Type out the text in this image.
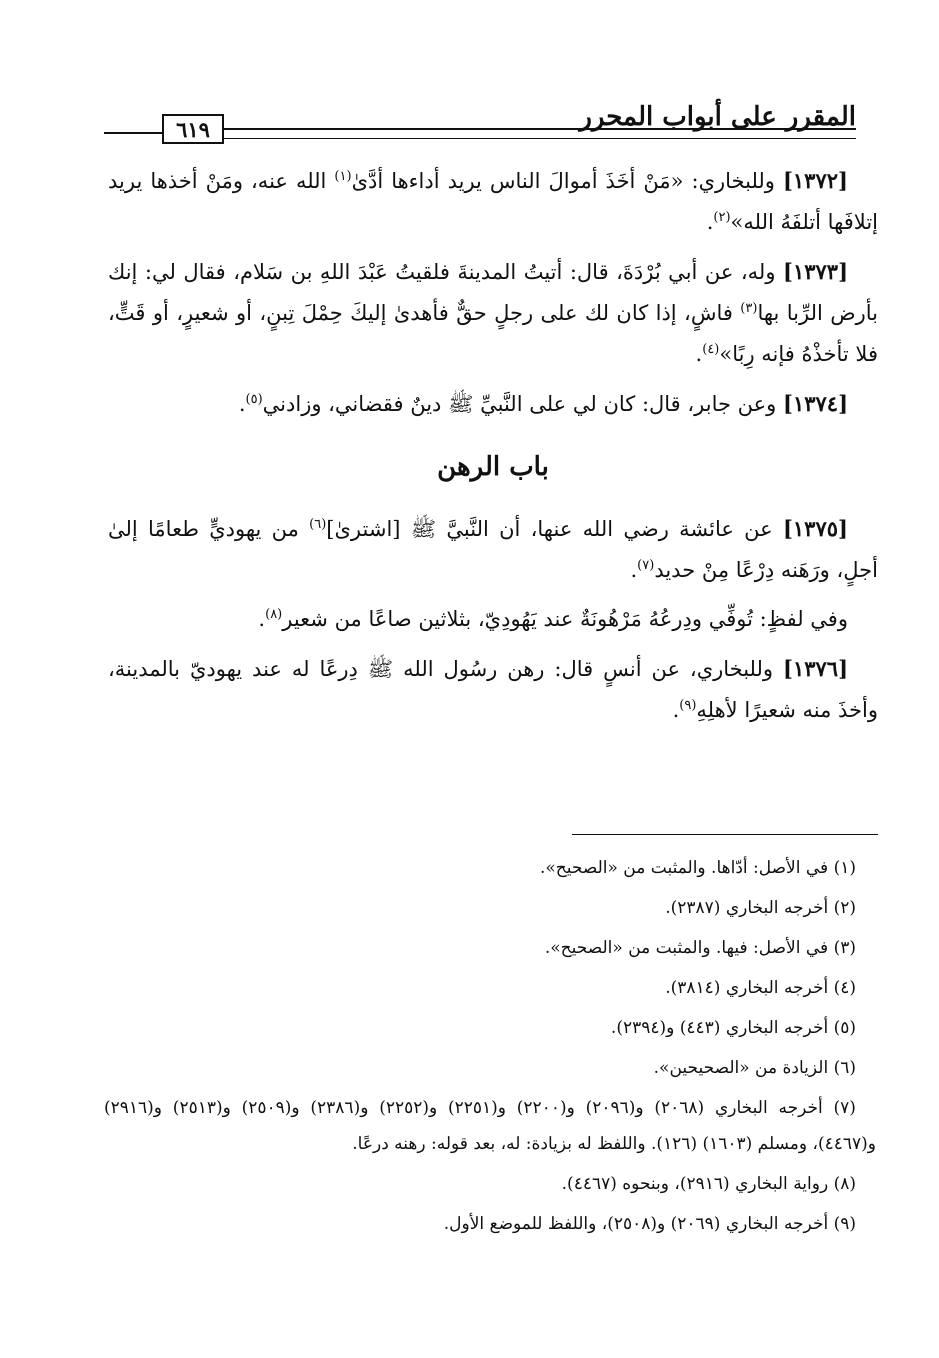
المقرر على أبواب المحرر
٦١٩

[١٣٧٢] وللبخاري: «مَنْ أخَذَ أموالَ الناس يريد أداءها أدَّىٰ$^{(١)}$ الله عنه، ومَنْ أخذها يريد إتلافَها أتلفَهُ الله»$^{(٢)}$.

[١٣٧٣] وله، عن أبي بُرْدَةَ، قال: أتيتُ المدينةَ فلقيتُ عَبْدَ اللهِ بن سَلام، فقال لي: إنك بأرض الرِّبا بها$^{(٣)}$ فاشٍ، إذا كان لك على رجلٍ حقٌّ فأهدىٰ إليكَ حِمْلَ تِبنٍ، أو شعيرٍ، أو قَتٍّ، فلا تأخذْهُ فإنه رِبًا»$^{(٤)}$.

[١٣٧٤] وعن جابر، قال: كان لي على النَّبيِّ ﷺ دينٌ فقضاني، وزادني$^{(٥)}$.

باب الرهن

[١٣٧٥] عن عائشة رضي الله عنها، أن النَّبيَّ ﷺ [اشترىٰ]$^{(٦)}$ من يهوديٍّ طعامًا إلىٰ أجلٍ، ورَهَنه دِرْعًا مِنْ حديد$^{(٧)}$.

وفي لفظٍ: تُوفِّي ودِرعُهُ مَرْهُونَةٌ عند يَهُودِيّ، بثلاثين صاعًا من شعير$^{(٨)}$.

[١٣٧٦] وللبخاري، عن أنسٍ قال: رهن رسُول الله ﷺ دِرعًا له عند يهوديّ بالمدينة، وأخذَ منه شعيرًا لأهلِهِ$^{(٩)}$.

(١) في الأصل: أدّاها. والمثبت من «الصحيح».

(٢) أخرجه البخاري (٢٣٨٧).

(٣) في الأصل: فيها. والمثبت من «الصحيح».

(٤) أخرجه البخاري (٣٨١٤).

(٥) أخرجه البخاري (٤٤٣) و(٢٣٩٤).

(٦) الزيادة من «الصحيحين».

(٧) أخرجه البخاري (٢٠٦٨) و(٢٠٩٦) و(٢٢٠٠) و(٢٢٥١) و(٢٢٥٢) و(٢٣٨٦) و(٢٥٠٩) و(٢٥١٣) و(٢٩١٦) و(٤٤٦٧)، ومسلم (١٦٠٣) (١٢٦). واللفظ له بزيادة: له، بعد قوله: رهنه درعًا.

(٨) رواية البخاري (٢٩١٦)، وبنحوه (٤٤٦٧).

(٩) أخرجه البخاري (٢٠٦٩) و(٢٥٠٨)، واللفظ للموضع الأول.
